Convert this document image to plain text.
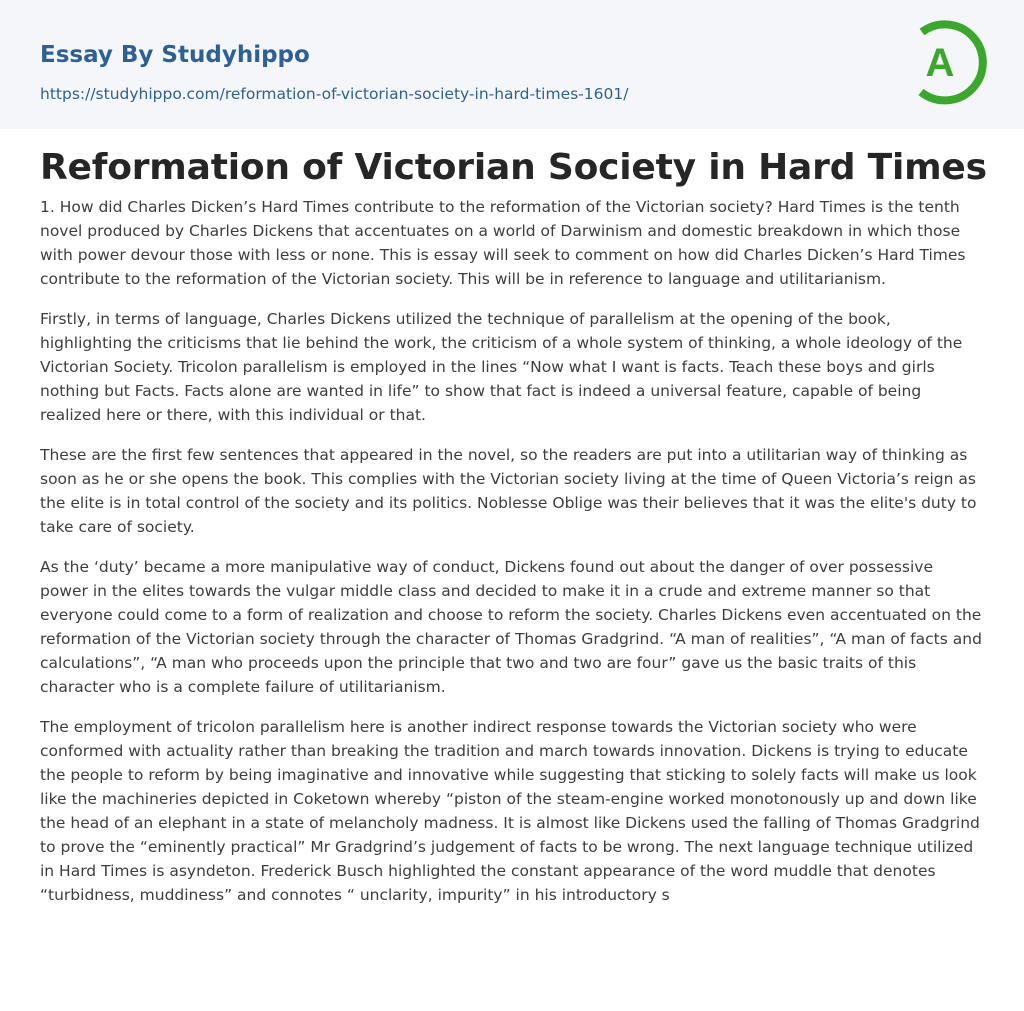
Essay By Studyhippo
https://studyhippo.com/reformation-of-victorian-society-in-hard-times-1601/
A
Reformation of Victorian Society in Hard Times

1. How did Charles Dicken’s Hard Times contribute to the reformation of the Victorian society? Hard Times is the tenth novel produced by Charles Dickens that accentuates on a world of Darwinism and domestic breakdown in which those with power devour those with less or none. This is essay will seek to comment on how did Charles Dicken’s Hard Times contribute to the reformation of the Victorian society. This will be in reference to language and utilitarianism.

Firstly, in terms of language, Charles Dickens utilized the technique of parallelism at the opening of the book, highlighting the criticisms that lie behind the work, the criticism of a whole system of thinking, a whole ideology of the Victorian Society. Tricolon parallelism is employed in the lines “Now what I want is facts. Teach these boys and girls nothing but Facts. Facts alone are wanted in life” to show that fact is indeed a universal feature, capable of being realized here or there, with this individual or that.

These are the first few sentences that appeared in the novel, so the readers are put into a utilitarian way of thinking as soon as he or she opens the book. This complies with the Victorian society living at the time of Queen Victoria’s reign as the elite is in total control of the society and its politics. Noblesse Oblige was their believes that it was the elite's duty to take care of society.

As the ‘duty’ became a more manipulative way of conduct, Dickens found out about the danger of over possessive power in the elites towards the vulgar middle class and decided to make it in a crude and extreme manner so that everyone could come to a form of realization and choose to reform the society. Charles Dickens even accentuated on the reformation of the Victorian society through the character of Thomas Gradgrind. “A man of realities”, “A man of facts and calculations”, “A man who proceeds upon the principle that two and two are four” gave us the basic traits of this character who is a complete failure of utilitarianism.

The employment of tricolon parallelism here is another indirect response towards the Victorian society who were conformed with actuality rather than breaking the tradition and march towards innovation. Dickens is trying to educate the people to reform by being imaginative and innovative while suggesting that sticking to solely facts will make us look like the machineries depicted in Coketown whereby “piston of the steam-engine worked monotonously up and down like the head of an elephant in a state of melancholy madness. It is almost like Dickens used the falling of Thomas Gradgrind to prove the “eminently practical” Mr Gradgrind’s judgement of facts to be wrong. The next language technique utilized in Hard Times is asyndeton. Frederick Busch highlighted the constant appearance of the word muddle that denotes “turbidness, muddiness” and connotes “ unclarity, impurity” in his introductory s
